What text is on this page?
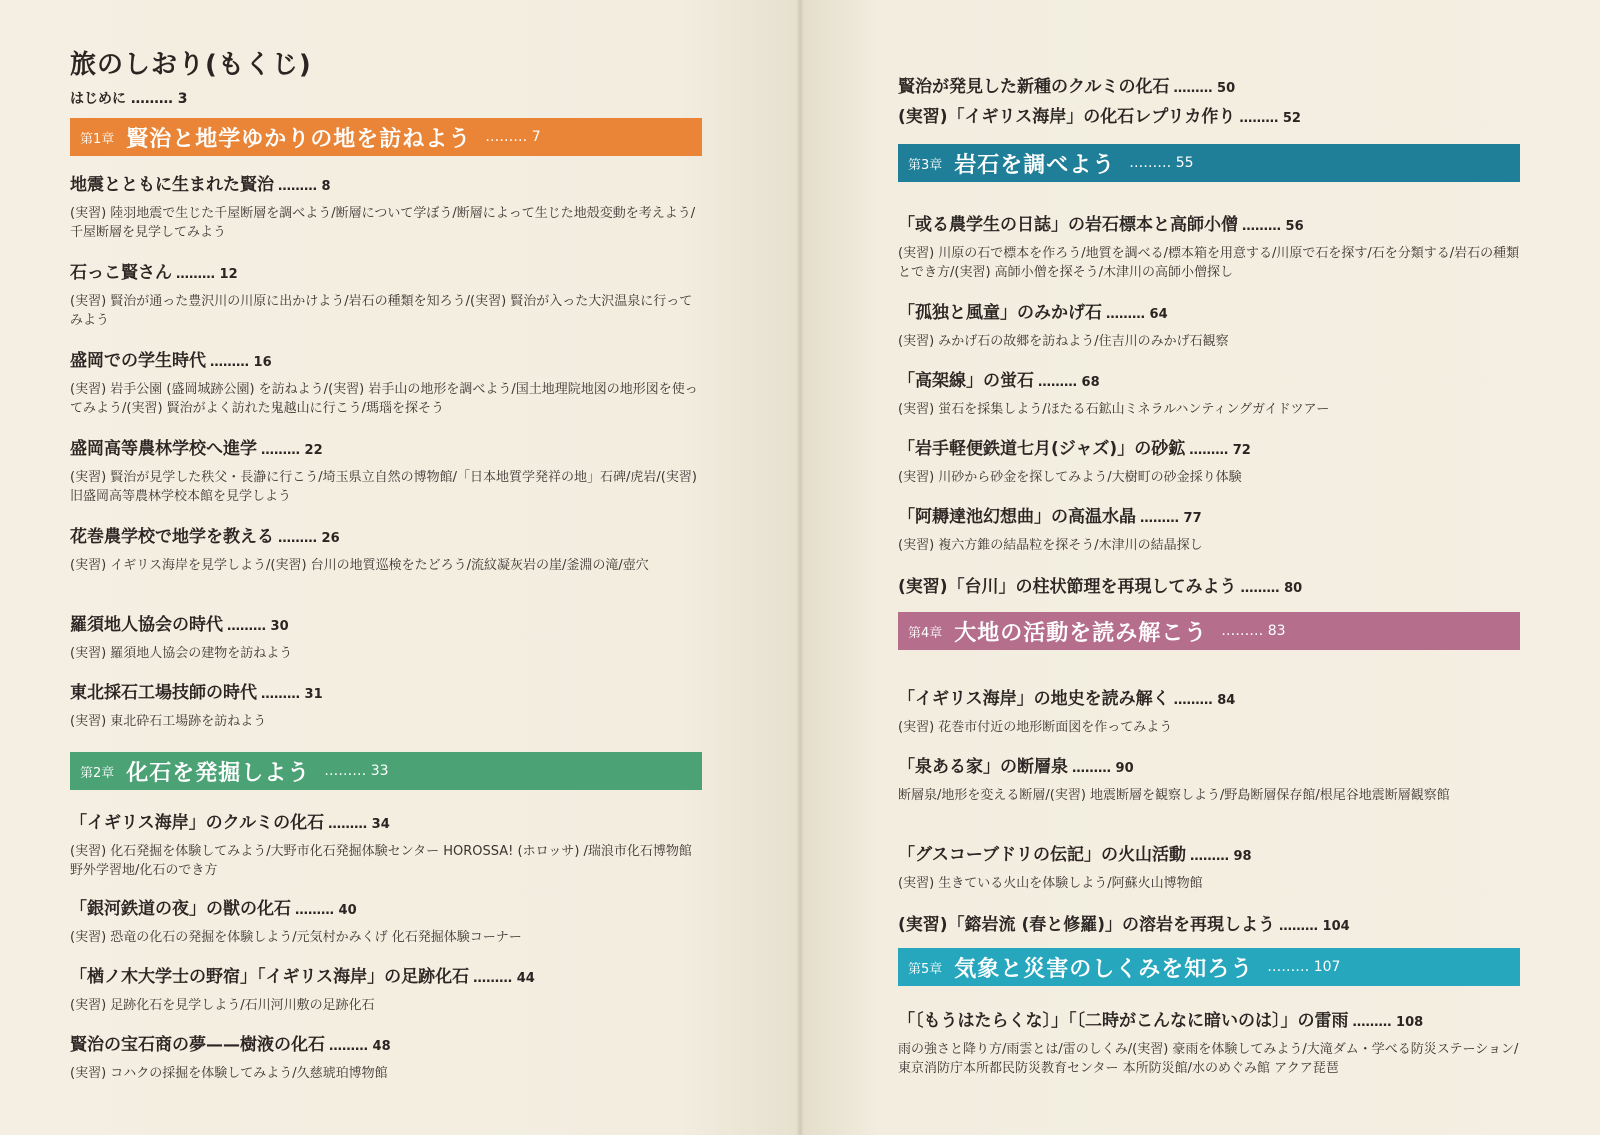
旅のしおり(もくじ)
はじめに ……… 3
第1章 賢治と地学ゆかりの地を訪ねよう ……… 7
地震とともに生まれた賢治 ……… 8
(実習) 陸羽地震で生じた千屋断層を調べよう/断層について学ぼう/断層によって生じた地殻変動を考えよう/千屋断層を見学してみよう
石っこ賢さん ……… 12
(実習) 賢治が通った豊沢川の川原に出かけよう/岩石の種類を知ろう/(実習) 賢治が入った大沢温泉に行ってみよう
盛岡での学生時代 ……… 16
(実習) 岩手公園 (盛岡城跡公園) を訪ねよう/(実習) 岩手山の地形を調べよう/国土地理院地図の地形図を使ってみよう/(実習) 賢治がよく訪れた鬼越山に行こう/瑪瑙を探そう
盛岡高等農林学校へ進学 ……… 22
(実習) 賢治が見学した秩父・長瀞に行こう/埼玉県立自然の博物館/「日本地質学発祥の地」石碑/虎岩/(実習) 旧盛岡高等農林学校本館を見学しよう
花巻農学校で地学を教える ……… 26
(実習) イギリス海岸を見学しよう/(実習) 台川の地質巡検をたどろう/流紋凝灰岩の崖/釜淵の滝/壺穴
羅須地人協会の時代 ……… 30
(実習) 羅須地人協会の建物を訪ねよう
東北採石工場技師の時代 ……… 31
(実習) 東北砕石工場跡を訪ねよう
第2章 化石を発掘しよう ……… 33
「イギリス海岸」のクルミの化石 ……… 34
(実習) 化石発掘を体験してみよう/大野市化石発掘体験センター HOROSSA! (ホロッサ) /瑞浪市化石博物館野外学習地/化石のでき方
「銀河鉄道の夜」の獣の化石 ……… 40
(実習) 恐竜の化石の発掘を体験しよう/元気村かみくげ 化石発掘体験コーナー
「楢ノ木大学士の野宿」「イギリス海岸」の足跡化石 ……… 44
(実習) 足跡化石を見学しよう/石川河川敷の足跡化石
賢治の宝石商の夢——樹液の化石 ……… 48
(実習) コハクの採掘を体験してみよう/久慈琥珀博物館
賢治が発見した新種のクルミの化石 ……… 50
(実習)「イギリス海岸」の化石レプリカ作り ……… 52
第3章 岩石を調べよう ……… 55
「或る農学生の日誌」の岩石標本と高師小僧 ……… 56
(実習) 川原の石で標本を作ろう/地質を調べる/標本箱を用意する/川原で石を探す/石を分類する/岩石の種類とでき方/(実習) 高師小僧を探そう/木津川の高師小僧探し
「孤独と風童」のみかげ石 ……… 64
(実習) みかげ石の故郷を訪ねよう/住吉川のみかげ石観察
「高架線」の蛍石 ……… 68
(実習) 蛍石を採集しよう/ほたる石鉱山ミネラルハンティングガイドツアー
「岩手軽便鉄道七月(ジャズ)」の砂鉱 ……… 72
(実習) 川砂から砂金を探してみよう/大樹町の砂金採り体験
「阿耨達池幻想曲」の高温水晶 ……… 77
(実習) 複六方錐の結晶粒を探そう/木津川の結晶探し
(実習)「台川」の柱状節理を再現してみよう ……… 80
第4章 大地の活動を読み解こう ……… 83
「イギリス海岸」の地史を読み解く ……… 84
(実習) 花巻市付近の地形断面図を作ってみよう
「泉ある家」の断層泉 ……… 90
断層泉/地形を変える断層/(実習) 地震断層を観察しよう/野島断層保存館/根尾谷地震断層観察館
「グスコーブドリの伝記」の火山活動 ……… 98
(実習) 生きている火山を体験しよう/阿蘇火山博物館
(実習)「鎔岩流 (春と修羅)」の溶岩を再現しよう ……… 104
第5章 気象と災害のしくみを知ろう ……… 107
「〔もうはたらくな〕」「〔二時がこんなに暗いのは〕」の雷雨 ……… 108
雨の強さと降り方/雨雲とは/雷のしくみ/(実習) 豪雨を体験してみよう/大滝ダム・学べる防災ステーション/東京消防庁本所都民防災教育センター 本所防災館/水のめぐみ館 アクア琵琶
